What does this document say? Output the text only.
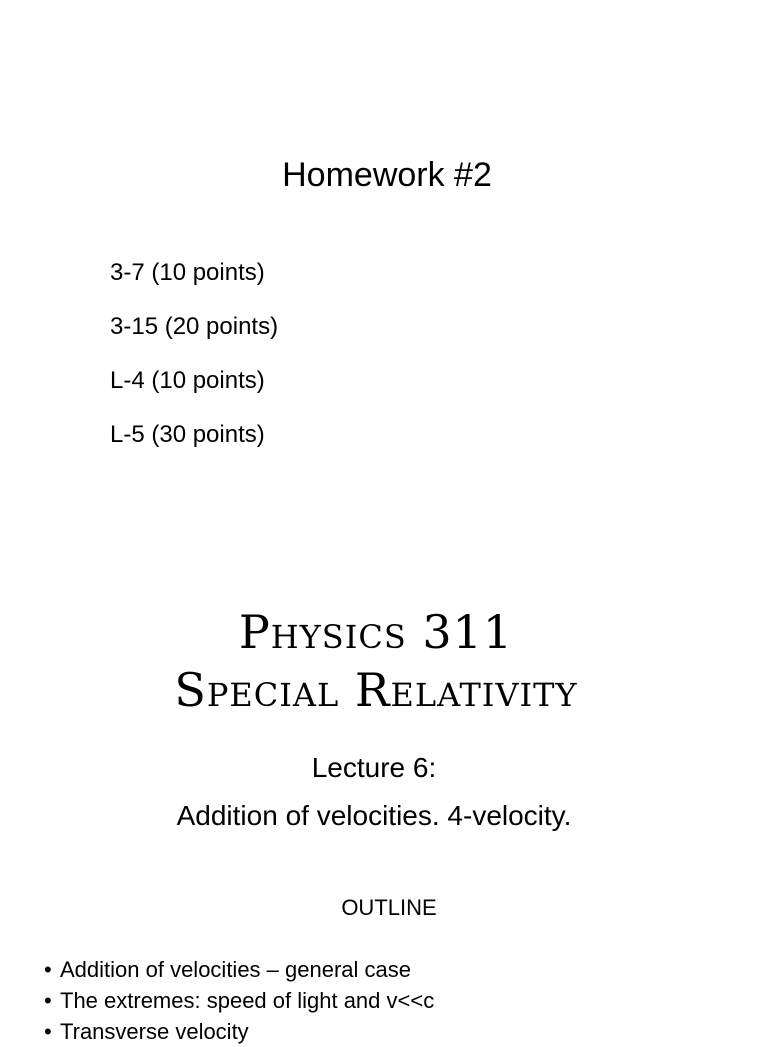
Homework #2
3-7 (10 points)
3-15 (20 points)
L-4 (10 points)
L-5 (30 points)
Physics 311
Special Relativity
Lecture 6:
Addition of velocities. 4-velocity.
OUTLINE
• Addition of velocities – general case
• The extremes: speed of light and v<<c
• Transverse velocity
